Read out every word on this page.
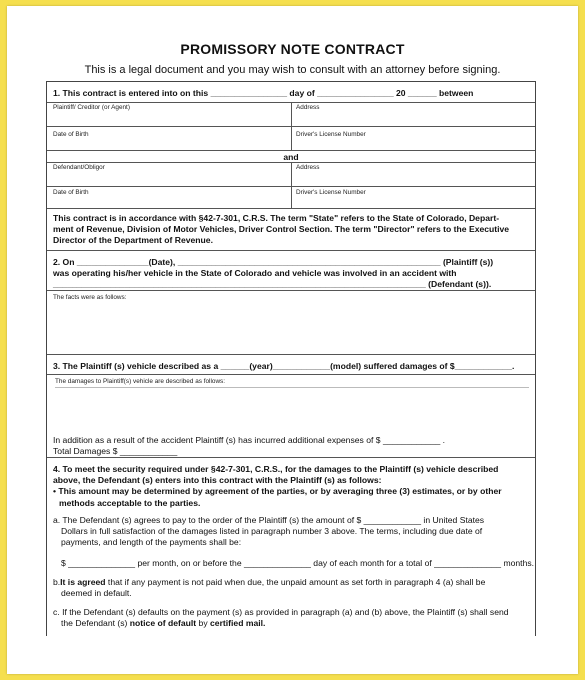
PROMISSORY NOTE CONTRACT
This is a legal document and you may wish to consult with an attorney before signing.
1. This contract is entered into on this ________________ day of ________________ 20 ______ between
Plaintiff/ Creditor (or Agent)	Address
Date of Birth	Driver's License Number
and
Defendant/Obligor	Address
Date of Birth	Driver's License Number

This contract is in accordance with §42-7-301, C.R.S. The term "State" refers to the State of Colorado, Depart-
ment of Revenue, Division of Motor Vehicles, Driver Control Section. The term "Director" refers to the Executive
Director of the Department of Revenue.

2. On _______________(Date), _______________________________________________________ (Plaintiff (s))
was operating his/her vehicle in the State of Colorado and vehicle was involved in an accident with
______________________________________________________________________________ (Defendant (s)).

The facts were as follows:
3. The Plaintiff (s) vehicle described as a ______(year)____________(model) suffered damages of $____________.
The damages to Plaintiff(s) vehicle are described as follows:
In addition as a result of the accident Plaintiff (s) has incurred additional expenses of $ ____________ .
Total Damages $ ____________

4. To meet the security required under §42-7-301, C.R.S., for the damages to the Plaintiff (s) vehicle described
above, the Defendant (s) enters into this contract with the Plaintiff (s) as follows:
• This amount may be determined by agreement of the parties, or by averaging three (3) estimates, or by other
methods acceptable to the parties.

a. The Defendant (s) agrees to pay to the order of the Plaintiff (s) the amount of $ ____________ in United States
Dollars in full satisfaction of the damages listed in paragraph number 3 above. The terms, including due date of
payments, and length of the payments shall be:

$ ______________ per month, on or before the ______________ day of each month for a total of ______________ months.

b.It is agreed that if any payment is not paid when due, the unpaid amount as set forth in paragraph 4 (a) shall be
deemed in default.

c. If the Defendant (s) defaults on the payment (s) as provided in paragraph (a) and (b) above, the Plaintiff (s) shall send
the Defendant (s) notice of default by certified mail.
